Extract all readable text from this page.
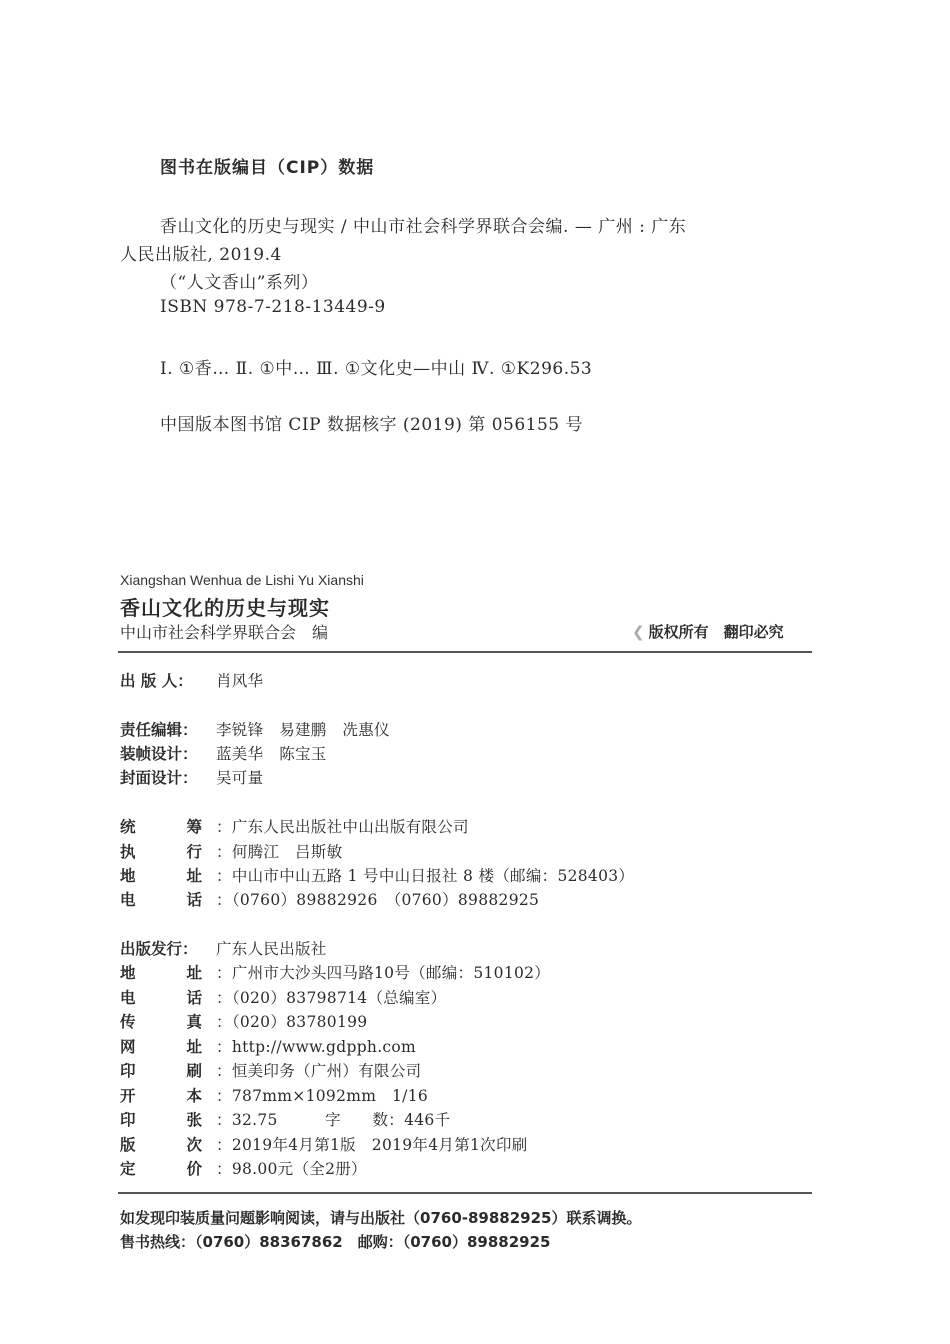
图书在版编目（CIP）数据
香山文化的历史与现实 / 中山市社会科学界联合会编. — 广州 : 广东
人民出版社, 2019.4
（“人文香山”系列）
ISBN 978-7-218-13449-9
Ⅰ. ①香… Ⅱ. ①中… Ⅲ. ①文化史—中山 Ⅳ. ①K296.53
中国版本图书馆 CIP 数据核字 (2019) 第 056155 号
Xiangshan Wenhua de Lishi Yu Xianshi
香山文化的历史与现实
中山市社会科学界联合会　编	❮ 版权所有　翻印必究
出 版 人： 肖风华
责任编辑： 李锐锋　易建鹏　冼惠仪
装帧设计： 蓝美华　陈宝玉
封面设计： 吴可量
统筹 ：广东人民出版社中山出版有限公司
执行 ：何腾江　吕斯敏
地址 ：中山市中山五路 1 号中山日报社 8 楼（邮编：528403）
电话 ：（0760）89882926　（0760）89882925
出版发行： 广东人民出版社
地址 ：广州市大沙头四马路10号（邮编：510102）
电话 ：（020）83798714（总编室）
传真 ：（020）83780199
网址 ：http://www.gdpph.com
印刷 ：恒美印务（广州）有限公司
开本 ：787mm×1092mm　1/16
印张 ：32.75　　　字　　数：446千
版次 ：2019年4月第1版　2019年4月第1次印刷
定价 ：98.00元（全2册）
如发现印装质量问题影响阅读，请与出版社（0760-89882925）联系调换。
售书热线：（0760）88367862　邮购：（0760）89882925
